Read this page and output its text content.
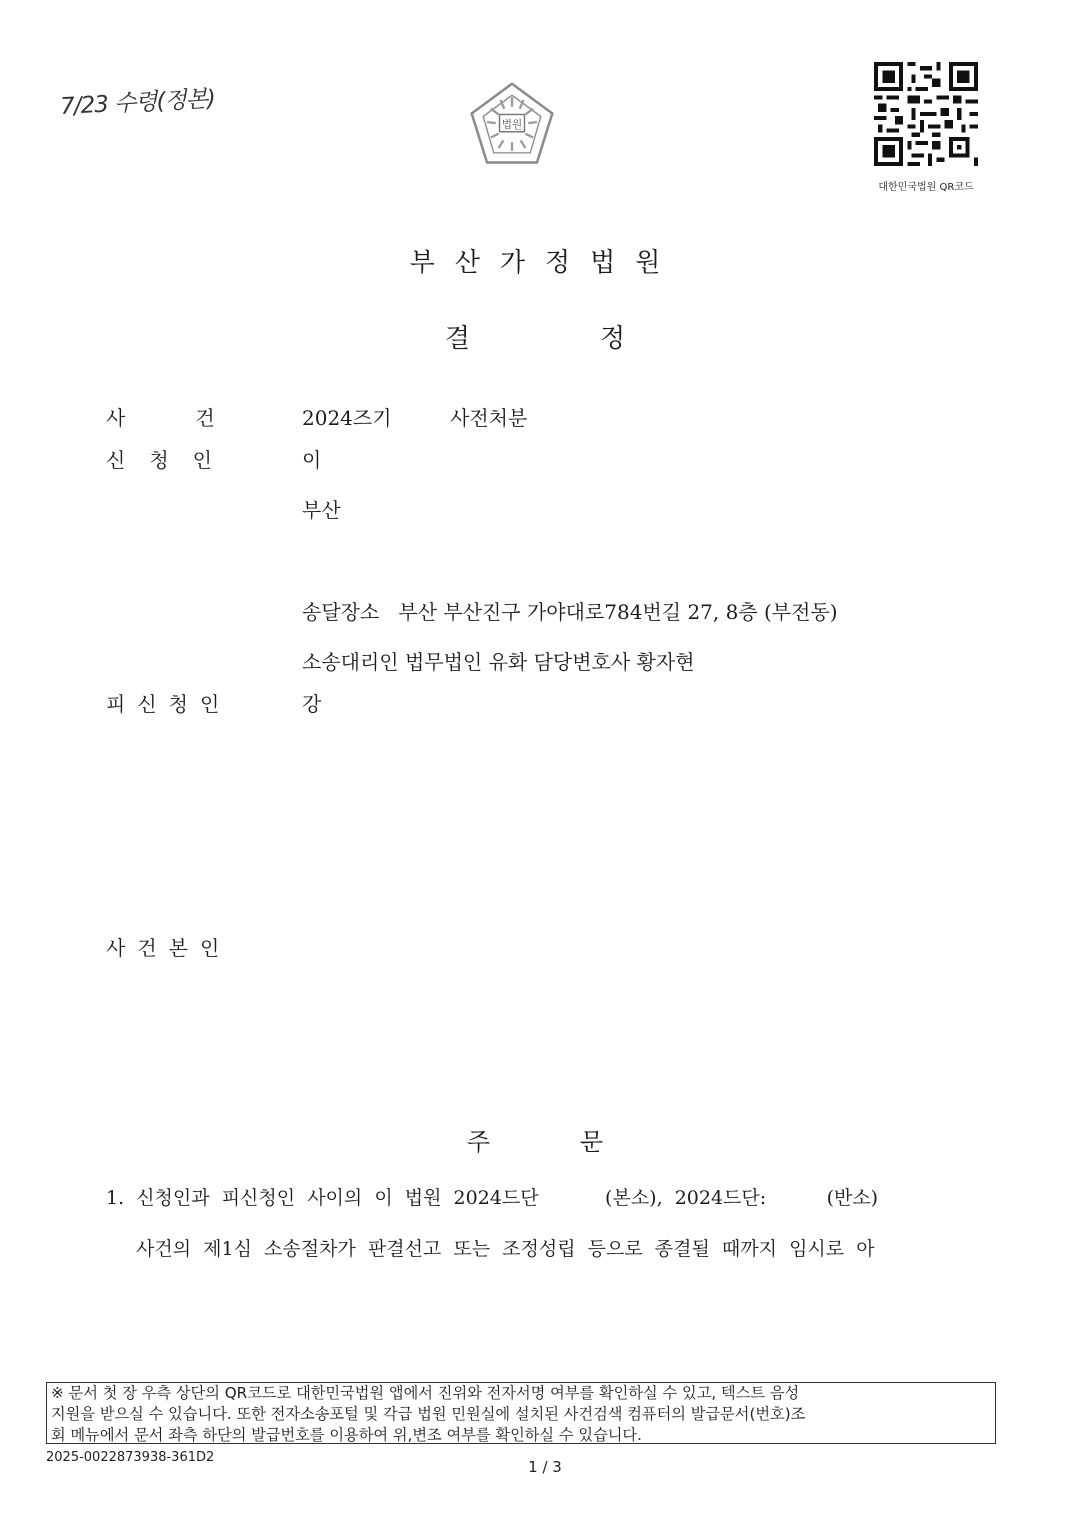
7/23 수령(정본)
법원
대한민국법원 QR코드
부산가정법원
결정
사건 2024즈기	사전처분
신청인	이
부산
송달장소   부산 부산진구 가야대로784번길 27, 8층 (부전동)
소송대리인 법무법인 유화 담당변호사 황자현
피신청인	강
사건본인
주문
1.  신청인과  피신청인  사이의  이  법원  2024드단           (본소),  2024드단:          (반소)
사건의  제1심  소송절차가  판결선고  또는  조정성립  등으로  종결될  때까지  임시로  아
※ 문서 첫 장 우측 상단의 QR코드로 대한민국법원 앱에서 진위와 전자서명 여부를 확인하실 수 있고, 텍스트 음성
지원을 받으실 수 있습니다. 또한 전자소송포털 및 각급 법원 민원실에 설치된 사건검색 컴퓨터의 발급문서(번호)조
회 메뉴에서 문서 좌측 하단의 발급번호를 이용하여 위,변조 여부를 확인하실 수 있습니다.
2025-0022873938-361D2
1 / 3
